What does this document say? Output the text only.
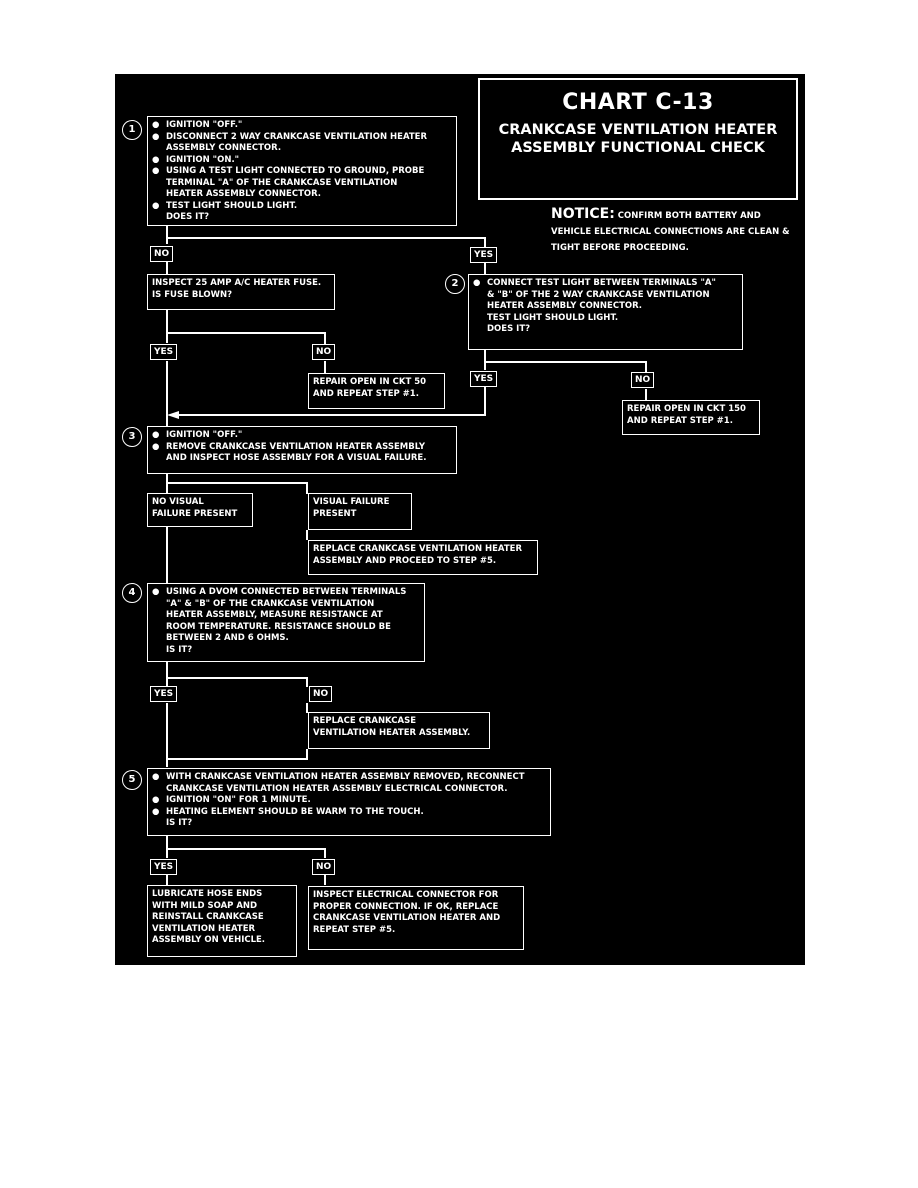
CHART C-13
CRANKCASE VENTILATION HEATER
ASSEMBLY FUNCTIONAL CHECK
NOTICE: CONFIRM BOTH BATTERY AND VEHICLE ELECTRICAL CONNECTIONS ARE CLEAN & TIGHT BEFORE PROCEEDING.
1	● IGNITION "OFF."
● DISCONNECT 2 WAY CRANKCASE VENTILATION HEATER
ASSEMBLY CONNECTOR.
● IGNITION "ON."
● USING A TEST LIGHT CONNECTED TO GROUND, PROBE
TERMINAL "A" OF THE CRANKCASE VENTILATION
HEATER ASSEMBLY CONNECTOR.
● TEST LIGHT SHOULD LIGHT.
DOES IT?
NO	YES
INSPECT 25 AMP A/C HEATER FUSE.
IS FUSE BLOWN?
2	● CONNECT TEST LIGHT BETWEEN TERMINALS "A"
& "B" OF THE 2 WAY CRANKCASE VENTILATION
HEATER ASSEMBLY CONNECTOR.
TEST LIGHT SHOULD LIGHT.
DOES IT?
YES	NO
REPAIR OPEN IN CKT 50
AND REPEAT STEP #1.
YES	NO
REPAIR OPEN IN CKT 150
AND REPEAT STEP #1.
3	● IGNITION "OFF."
● REMOVE CRANKCASE VENTILATION HEATER ASSEMBLY
AND INSPECT HOSE ASSEMBLY FOR A VISUAL FAILURE.
NO VISUAL
FAILURE PRESENT
VISUAL FAILURE
PRESENT
REPLACE CRANKCASE VENTILATION HEATER
ASSEMBLY AND PROCEED TO STEP #5.
4	● USING A DVOM CONNECTED BETWEEN TERMINALS
"A" & "B" OF THE CRANKCASE VENTILATION
HEATER ASSEMBLY, MEASURE RESISTANCE AT
ROOM TEMPERATURE. RESISTANCE SHOULD BE
BETWEEN 2 AND 6 OHMS.
IS IT?
YES	NO
REPLACE CRANKCASE
VENTILATION HEATER ASSEMBLY.
5	● WITH CRANKCASE VENTILATION HEATER ASSEMBLY REMOVED, RECONNECT
CRANKCASE VENTILATION HEATER ASSEMBLY ELECTRICAL CONNECTOR.
● IGNITION "ON" FOR 1 MINUTE.
● HEATING ELEMENT SHOULD BE WARM TO THE TOUCH.
IS IT?
YES	NO
LUBRICATE HOSE ENDS
WITH MILD SOAP AND
REINSTALL CRANKCASE
VENTILATION HEATER
ASSEMBLY ON VEHICLE.
INSPECT ELECTRICAL CONNECTOR FOR
PROPER CONNECTION. IF OK, REPLACE
CRANKCASE VENTILATION HEATER AND
REPEAT STEP #5.
